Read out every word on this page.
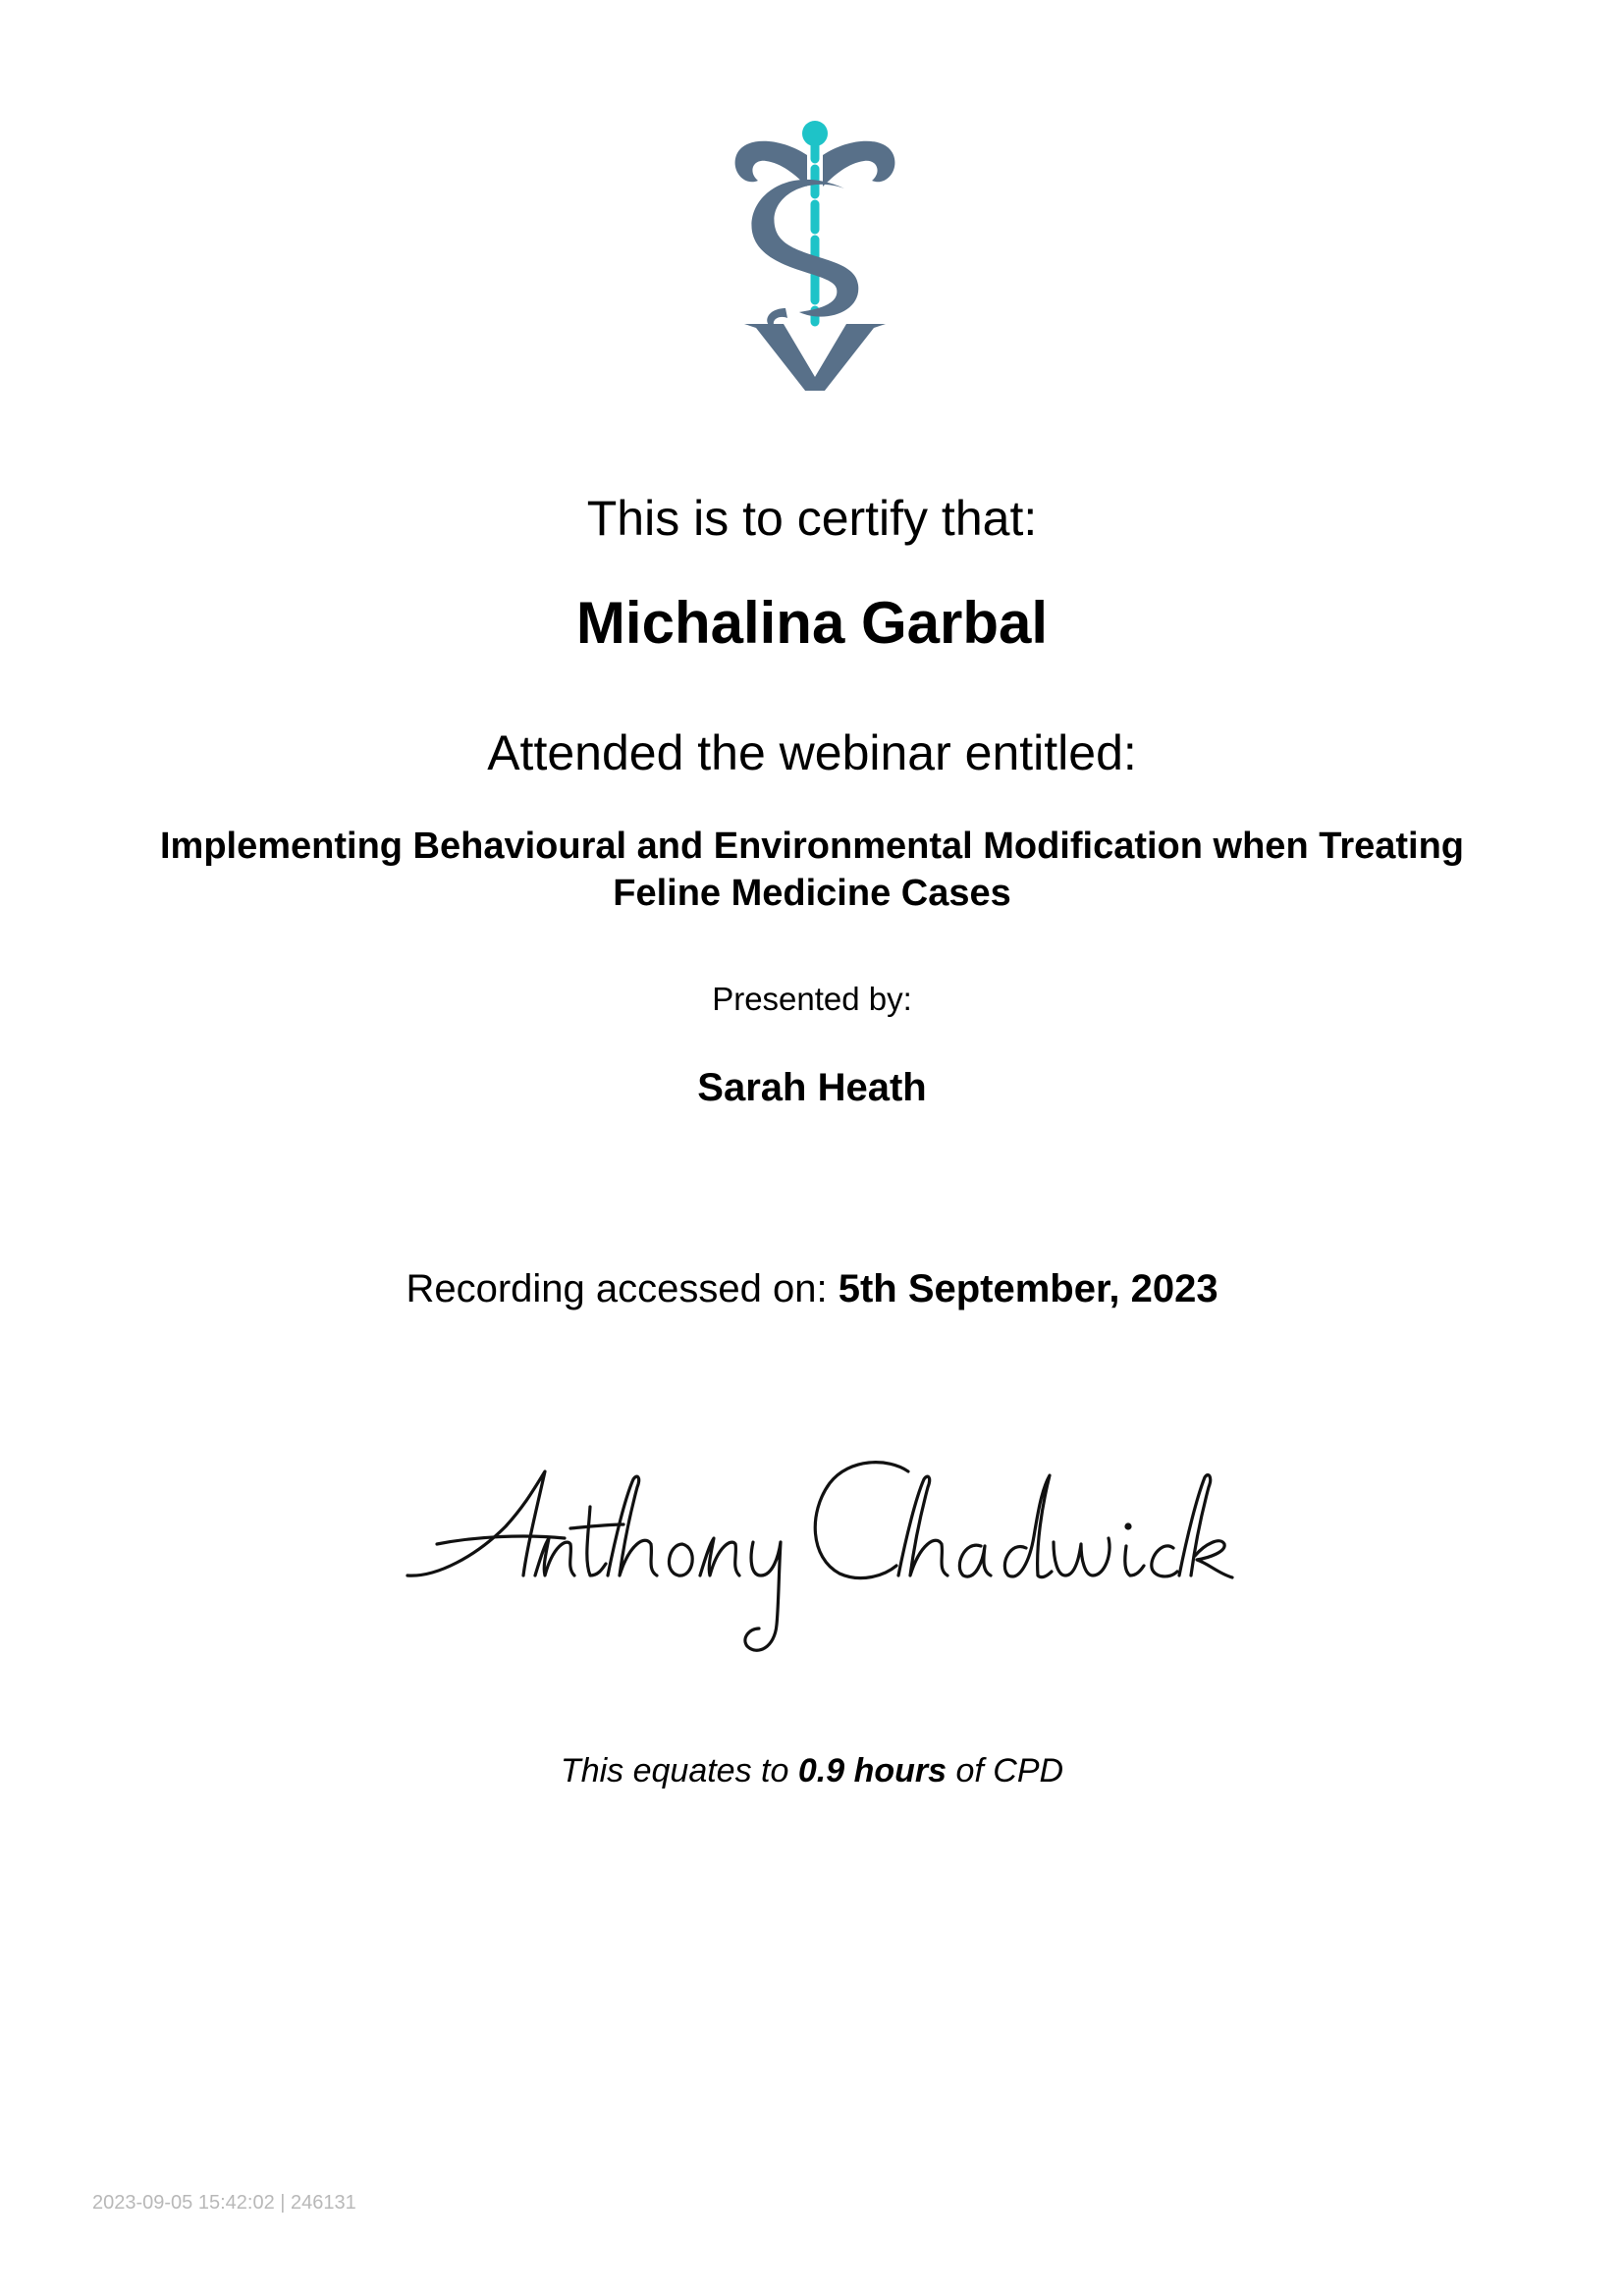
This is to certify that:
Michalina Garbal
Attended the webinar entitled:
Implementing Behavioural and Environmental Modification when Treating Feline Medicine Cases
Presented by:
Sarah Heath
Recording accessed on: 5th September, 2023
This equates to 0.9 hours of CPD
2023-09-05 15:42:02 | 246131
